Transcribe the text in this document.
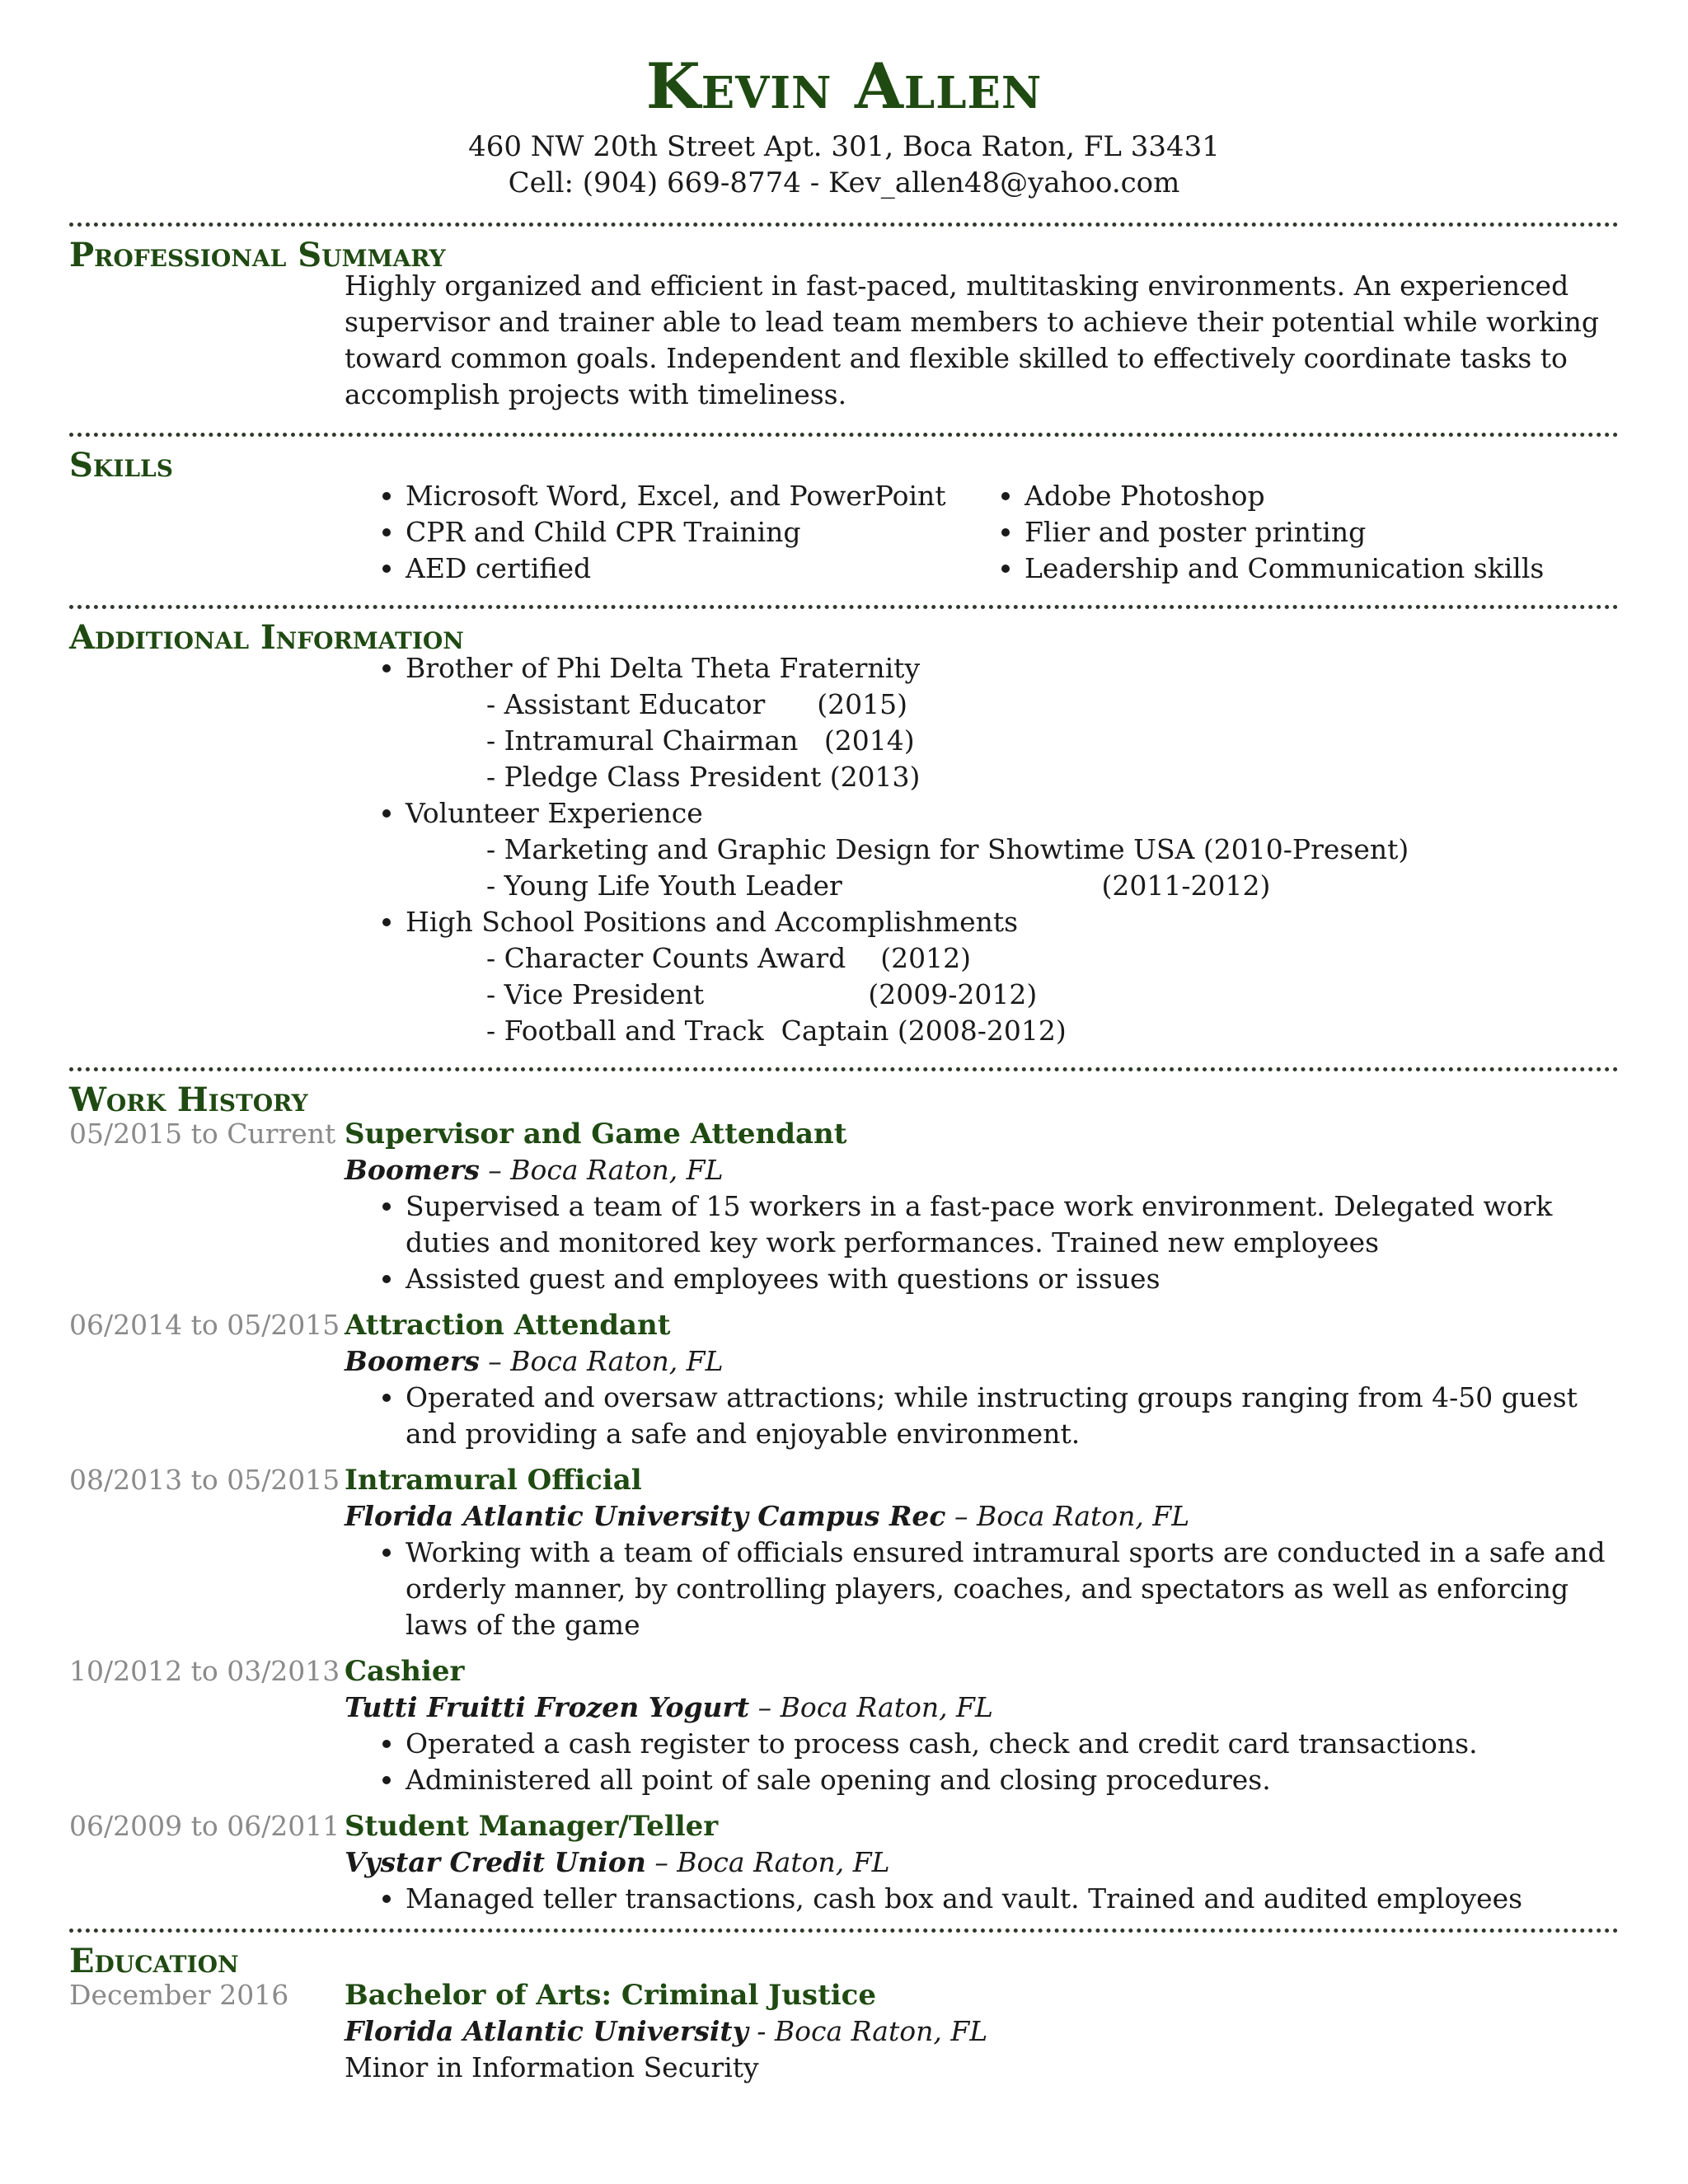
Kevin Allen
460 NW 20th Street Apt. 301, Boca Raton, FL 33431
Cell: (904) 669-8774 - Kev_allen48@yahoo.com
Professional Summary
Highly organized and efficient in fast-paced, multitasking environments. An experienced supervisor and trainer able to lead team members to achieve their potential while working toward common goals. Independent and flexible skilled to effectively coordinate tasks to accomplish projects with timeliness.
Skills
Microsoft Word, Excel, and PowerPoint
CPR and Child CPR Training
AED certified
Adobe Photoshop
Flier and poster printing
Leadership and Communication skills
Additional Information
Brother of Phi Delta Theta Fraternity
- Assistant Educator      (2015)
- Intramural Chairman   (2014)
- Pledge Class President (2013)
Volunteer Experience
- Marketing and Graphic Design for Showtime USA (2010-Present)
- Young Life Youth Leader                              (2011-2012)
High School Positions and Accomplishments
- Character Counts Award    (2012)
- Vice President                   (2009-2012)
- Football and Track  Captain (2008-2012)
Work History
05/2015 to Current Supervisor and Game Attendant
Boomers – Boca Raton, FL
Supervised a team of 15 workers in a fast-pace work environment. Delegated work duties and monitored key work performances. Trained new employees
Assisted guest and employees with questions or issues
06/2014 to 05/2015 Attraction Attendant
Boomers – Boca Raton, FL
Operated and oversaw attractions; while instructing groups ranging from 4-50 guest and providing a safe and enjoyable environment.
08/2013 to 05/2015 Intramural Official
Florida Atlantic University Campus Rec – Boca Raton, FL
Working with a team of officials ensured intramural sports are conducted in a safe and orderly manner, by controlling players, coaches, and spectators as well as enforcing laws of the game
10/2012 to 03/2013 Cashier
Tutti Fruitti Frozen Yogurt – Boca Raton, FL
Operated a cash register to process cash, check and credit card transactions.
Administered all point of sale opening and closing procedures.
06/2009 to 06/2011 Student Manager/Teller
Vystar Credit Union – Boca Raton, FL
Managed teller transactions, cash box and vault. Trained and audited employees
Education
December 2016 Bachelor of Arts: Criminal Justice
Florida Atlantic University - Boca Raton, FL
Minor in Information Security
